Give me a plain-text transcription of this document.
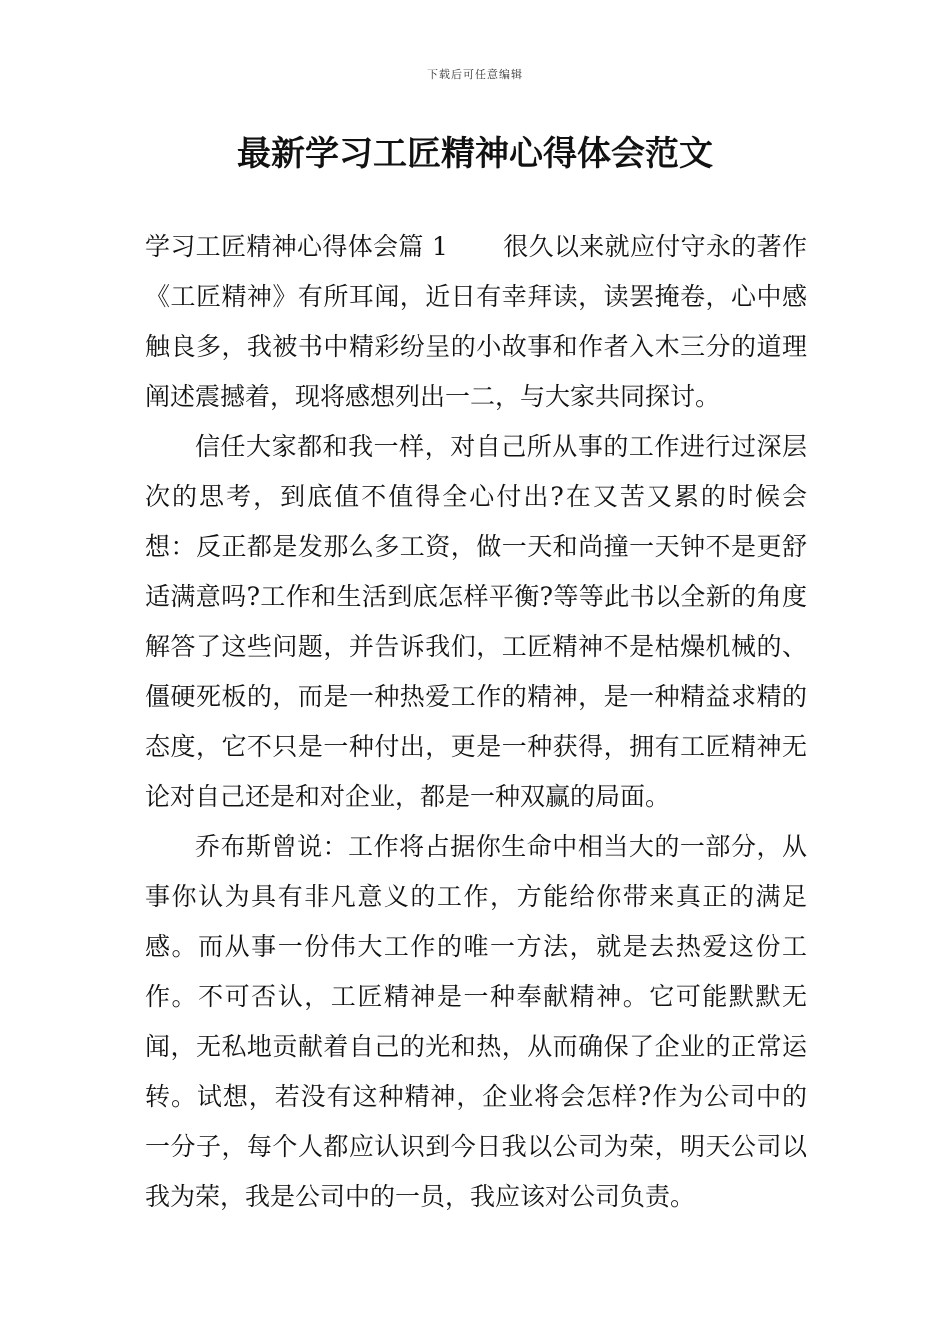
下载后可任意编辑
最新学习工匠精神心得体会范文

学习工匠精神心得体会篇 1 很久以来就应付守永的著作《工匠精神》有所耳闻，近日有幸拜读，读罢掩卷，心中感触良多，我被书中精彩纷呈的小故事和作者入木三分的道理阐述震撼着，现将感想列出一二，与大家共同探讨。

信任大家都和我一样，对自己所从事的工作进行过深层次的思考，到底值不值得全心付出?在又苦又累的时候会想：反正都是发那么多工资，做一天和尚撞一天钟不是更舒适满意吗?工作和生活到底怎样平衡?等等此书以全新的角度解答了这些问题，并告诉我们，工匠精神不是枯燥机械的、僵硬死板的，而是一种热爱工作的精神，是一种精益求精的态度，它不只是一种付出，更是一种获得，拥有工匠精神无论对自己还是和对企业，都是一种双赢的局面。

乔布斯曾说：工作将占据你生命中相当大的一部分，从事你认为具有非凡意义的工作，方能给你带来真正的满足感。而从事一份伟大工作的唯一方法，就是去热爱这份工作。不可否认，工匠精神是一种奉献精神。它可能默默无闻，无私地贡献着自己的光和热，从而确保了企业的正常运转。试想，若没有这种精神，企业将会怎样?作为公司中的一分子，每个人都应认识到今日我以公司为荣，明天公司以我为荣，我是公司中的一员，我应该对公司负责。
